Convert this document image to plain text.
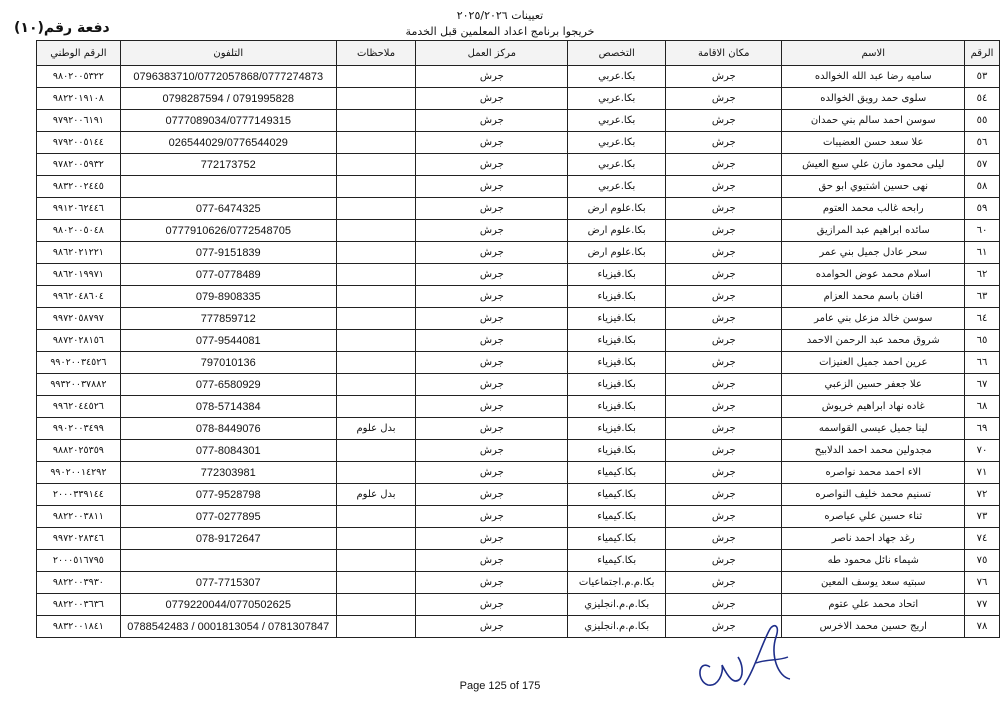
تعيينات ٢٠٢٥/٢٠٢٦
خريجوا برنامج اعداد المعلمين قبل الخدمة
دفعة رقم(١٠)
الرقم	الاسم	مكان الاقامة	التخصص	مركز العمل	ملاحظات	التلفون	الرقم الوطني
٥٣	ساميه رضا عبد الله الخوالده	جرش	بكا.عربي	جرش		0796383710/0772057868/0777274873	٩٨٠٢٠٠٥٣٢٢
٥٤	سلوى حمد رويق الخوالده	جرش	بكا.عربي	جرش		0791995828 / 0798287594	٩٨٢٢٠١٩١٠٨
٥٥	سوسن احمد سالم بني حمدان	جرش	بكا.عربي	جرش		0777089034/0777149315	٩٧٩٢٠٠٦١٩١
٥٦	علا سعد حسن العضيبات	جرش	بكا.عربي	جرش		026544029/0776544029	٩٧٩٢٠٠٥١٤٤
٥٧	ليلى محمود مازن علي سبع العيش	جرش	بكا.عربي	جرش		772173752	٩٧٨٢٠٠٥٩٣٢
٥٨	نهى حسين اشتيوي ابو حق	جرش	بكا.عربي	جرش			٩٨٣٢٠٠٢٤٤٥
٥٩	رابحه غالب محمد العتوم	جرش	بكا.علوم ارض	جرش		077-6474325	٩٩١٢٠٦٢٤٤٦
٦٠	سائده ابراهيم عبد المرازيق	جرش	بكا.علوم ارض	جرش		0777910626/0772548705	٩٨٠٢٠٠٥٠٤٨
٦١	سحر عادل جميل بني عمر	جرش	بكا.علوم ارض	جرش		077-9151839	٩٨٦٢٠٢١٢٢١
٦٢	اسلام محمد عوض الحوامده	جرش	بكا.فيزياء	جرش		077-0778489	٩٨٦٢٠١٩٩٧١
٦٣	افنان باسم محمد العزام	جرش	بكا.فيزياء	جرش		079-8908335	٩٩٦٢٠٤٨٦٠٤
٦٤	سوسن خالد مزعل بني عامر	جرش	بكا.فيزياء	جرش		777859712	٩٩٧٢٠٥٨٧٩٧
٦٥	شروق محمد عبد الرحمن الاحمد	جرش	بكا.فيزياء	جرش		077-9544081	٩٨٧٢٠٢٨١٥٦
٦٦	عرين احمد جميل العنيزات	جرش	بكا.فيزياء	جرش		797010136	٩٩٠٢٠٠٣٤٥٢٦
٦٧	علا جعفر حسين الزعبي	جرش	بكا.فيزياء	جرش		077-6580929	٩٩٣٢٠٠٣٧٨٨٢
٦٨	غاده نهاد ابراهيم خريوش	جرش	بكا.فيزياء	جرش		078-5714384	٩٩٦٢٠٤٤٥٢٦
٦٩	لينا جميل عيسى القواسمه	جرش	بكا.فيزياء	جرش	بدل علوم	078-8449076	٩٩٠٢٠٠٣٤٩٩
٧٠	مجدولين محمد احمد الدلابيح	جرش	بكا.فيزياء	جرش		077-8084301	٩٨٨٢٠٢٥٣٥٩
٧١	الاء احمد محمد نواصره	جرش	بكا.كيمياء	جرش		772303981	٩٩٠٢٠٠١٤٢٩٢
٧٢	تسنيم محمد خليف النواصره	جرش	بكا.كيمياء	جرش	بدل علوم	077-9528798	٢٠٠٠٣٣٩١٤٤
٧٣	ثناء حسين علي عياصره	جرش	بكا.كيمياء	جرش		077-0277895	٩٨٢٢٠٠٣٨١١
٧٤	رغد جهاد احمد ناصر	جرش	بكا.كيمياء	جرش		078-9172647	٩٩٧٢٠٢٨٣٤٦
٧٥	شيماء نائل محمود طه	جرش	بكا.كيمياء	جرش			٢٠٠٠٥١٦٧٩٥
٧٦	سبتيه سعد يوسف المعين	جرش	بكا.م.م.اجتماعيات	جرش		077-7715307	٩٨٢٢٠٠٣٩٣٠
٧٧	اتحاد محمد علي عتوم	جرش	بكا.م.م.انجليزي	جرش		0779220044/0770502625	٩٨٢٢٠٠٣٦٣٦
٧٨	اريج حسين محمد الاخرس	جرش	بكا.م.م.انجليزي	جرش		0781307847 / 0001813054 / 0788542483	٩٨٣٢٠٠١٨٤١
Page 125 of 175
